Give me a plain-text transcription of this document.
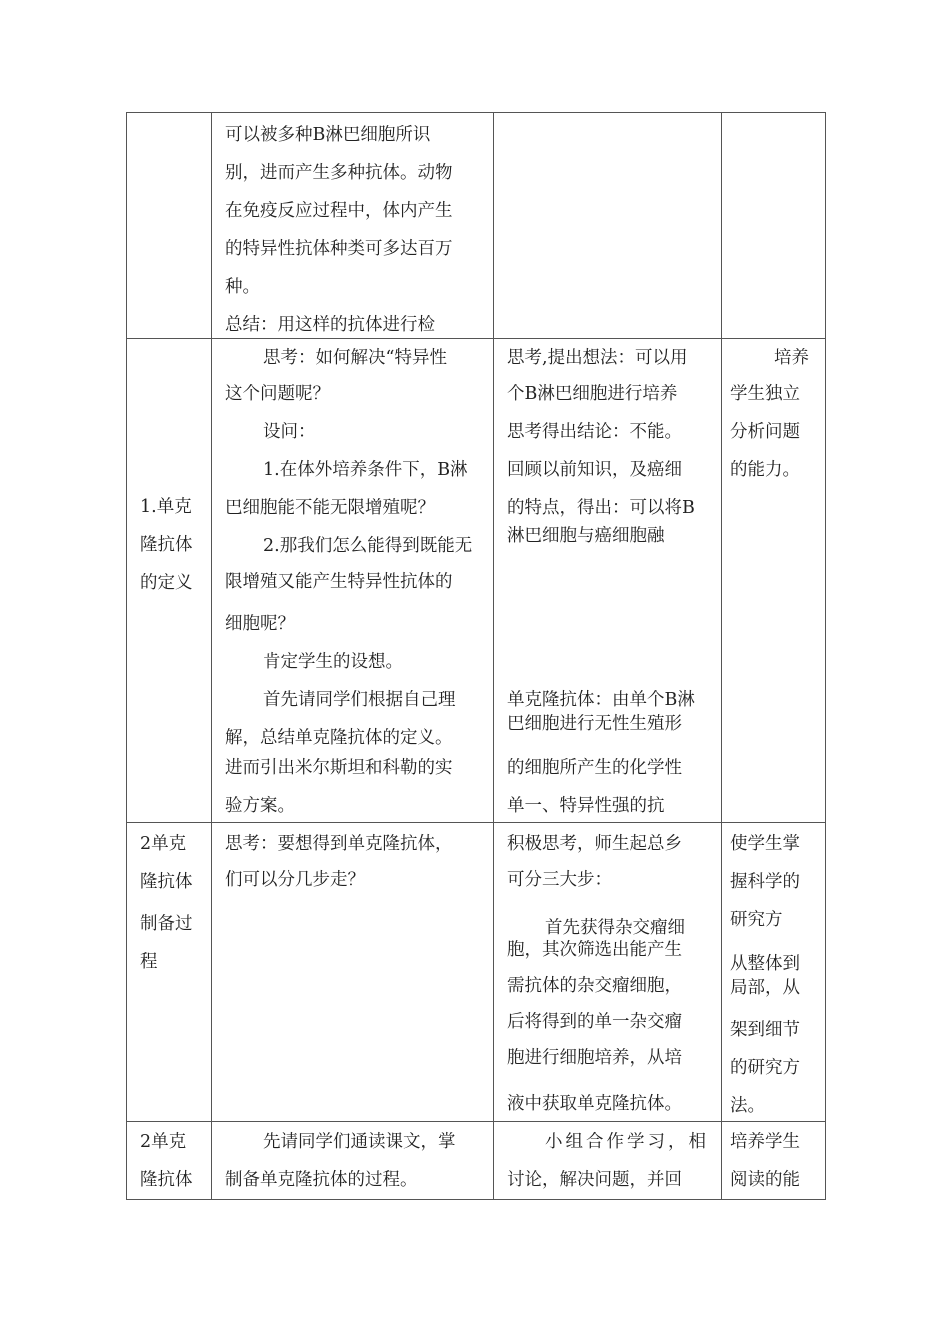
可以被多种B淋巴细胞所识
别，进而产生多种抗体。动物
在免疫反应过程中，体内产生
的特异性抗体种类可多达百万
种。
总结：用这样的抗体进行检
1.单克
隆抗体
的定义
思考：如何解决“特异性
这个问题呢？
设问：
1.在体外培养条件下，B淋
巴细胞能不能无限增殖呢？
2.那我们怎么能得到既能无
限增殖又能产生特异性抗体的
细胞呢？
肯定学生的设想。
首先请同学们根据自己理
解，总结单克隆抗体的定义。
进而引出米尔斯坦和科勒的实
验方案。
思考,提出想法：可以用
个B淋巴细胞进行培养
思考得出结论：不能。
回顾以前知识，及癌细
的特点，得出：可以将B
淋巴细胞与癌细胞融
单克隆抗体：由单个B淋
巴细胞进行无性生殖形
的细胞所产生的化学性
单一、特异性强的抗
培养
学生独立
分析问题
的能力。
2单克
隆抗体
制备过
程
思考：要想得到单克隆抗体，
们可以分几步走？
积极思考，师生起总乡
可分三大步：
首先获得杂交瘤细
胞，其次筛选出能产生
需抗体的杂交瘤细胞，
后将得到的单一杂交瘤
胞进行细胞培养，从培
液中获取单克隆抗体。
使学生掌
握科学的
研究方
从整体到
局部，从
架到细节
的研究方
法。
2单克
隆抗体
先请同学们通读课文，掌
制备单克隆抗体的过程。
小组合作学习，相
讨论，解决问题，并回
培养学生
阅读的能
